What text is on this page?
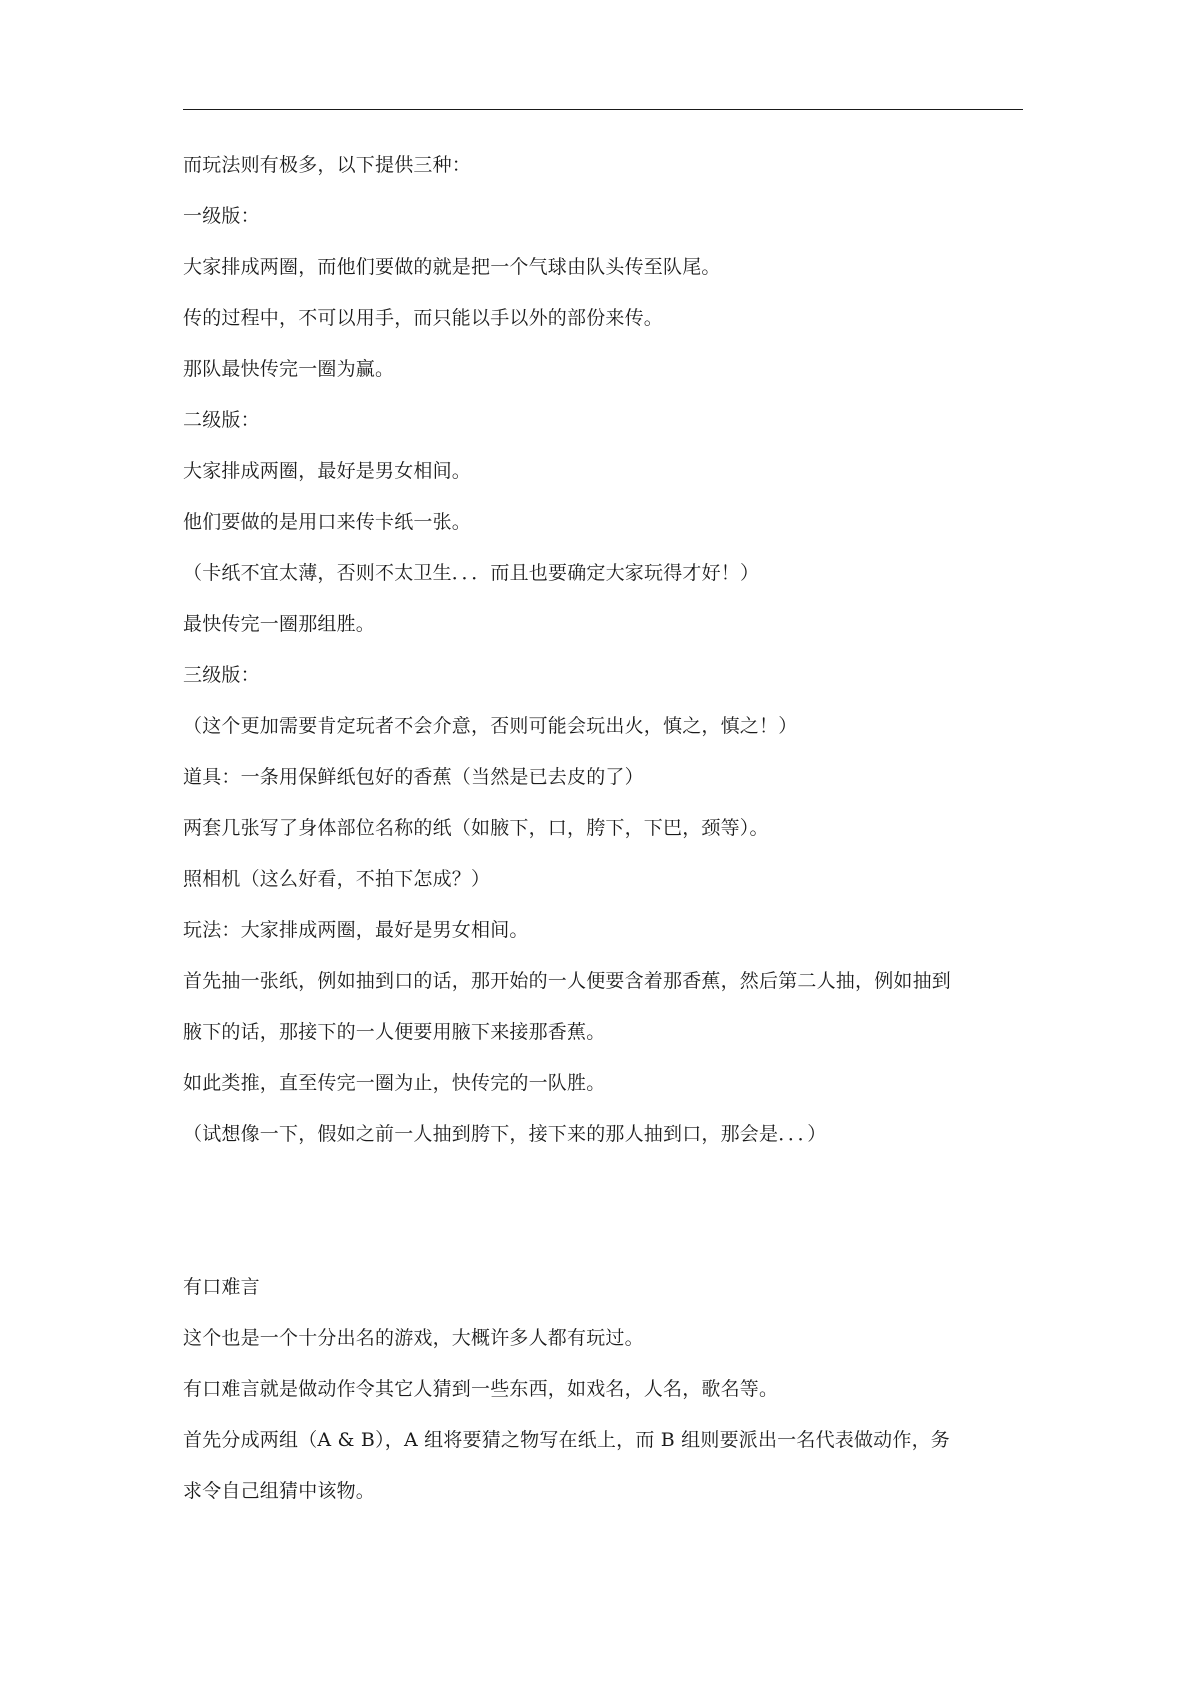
而玩法则有极多，以下提供三种：
一级版：
大家排成两圈，而他们要做的就是把一个气球由队头传至队尾。
传的过程中，不可以用手，而只能以手以外的部份来传。
那队最快传完一圈为赢。
二级版：
大家排成两圈，最好是男女相间。
他们要做的是用口来传卡纸一张。
（卡纸不宜太薄，否则不太卫生．．．而且也要确定大家玩得才好！）
最快传完一圈那组胜。
三级版：
（这个更加需要肯定玩者不会介意，否则可能会玩出火，慎之，慎之！）
道具：一条用保鲜纸包好的香蕉（当然是已去皮的了）
两套几张写了身体部位名称的纸（如腋下，口，胯下，下巴，颈等）。
照相机（这么好看，不拍下怎成？）
玩法：大家排成两圈，最好是男女相间。
首先抽一张纸，例如抽到口的话，那开始的一人便要含着那香蕉，然后第二人抽，例如抽到
腋下的话，那接下的一人便要用腋下来接那香蕉。
如此类推，直至传完一圈为止，快传完的一队胜。
（试想像一下，假如之前一人抽到胯下，接下来的那人抽到口，那会是．．．）
有口难言
这个也是一个十分出名的游戏，大概许多人都有玩过。
有口难言就是做动作令其它人猜到一些东西，如戏名，人名，歌名等。
首先分成两组（A & B），A 组将要猜之物写在纸上，而 B 组则要派出一名代表做动作，务
求令自己组猜中该物。
